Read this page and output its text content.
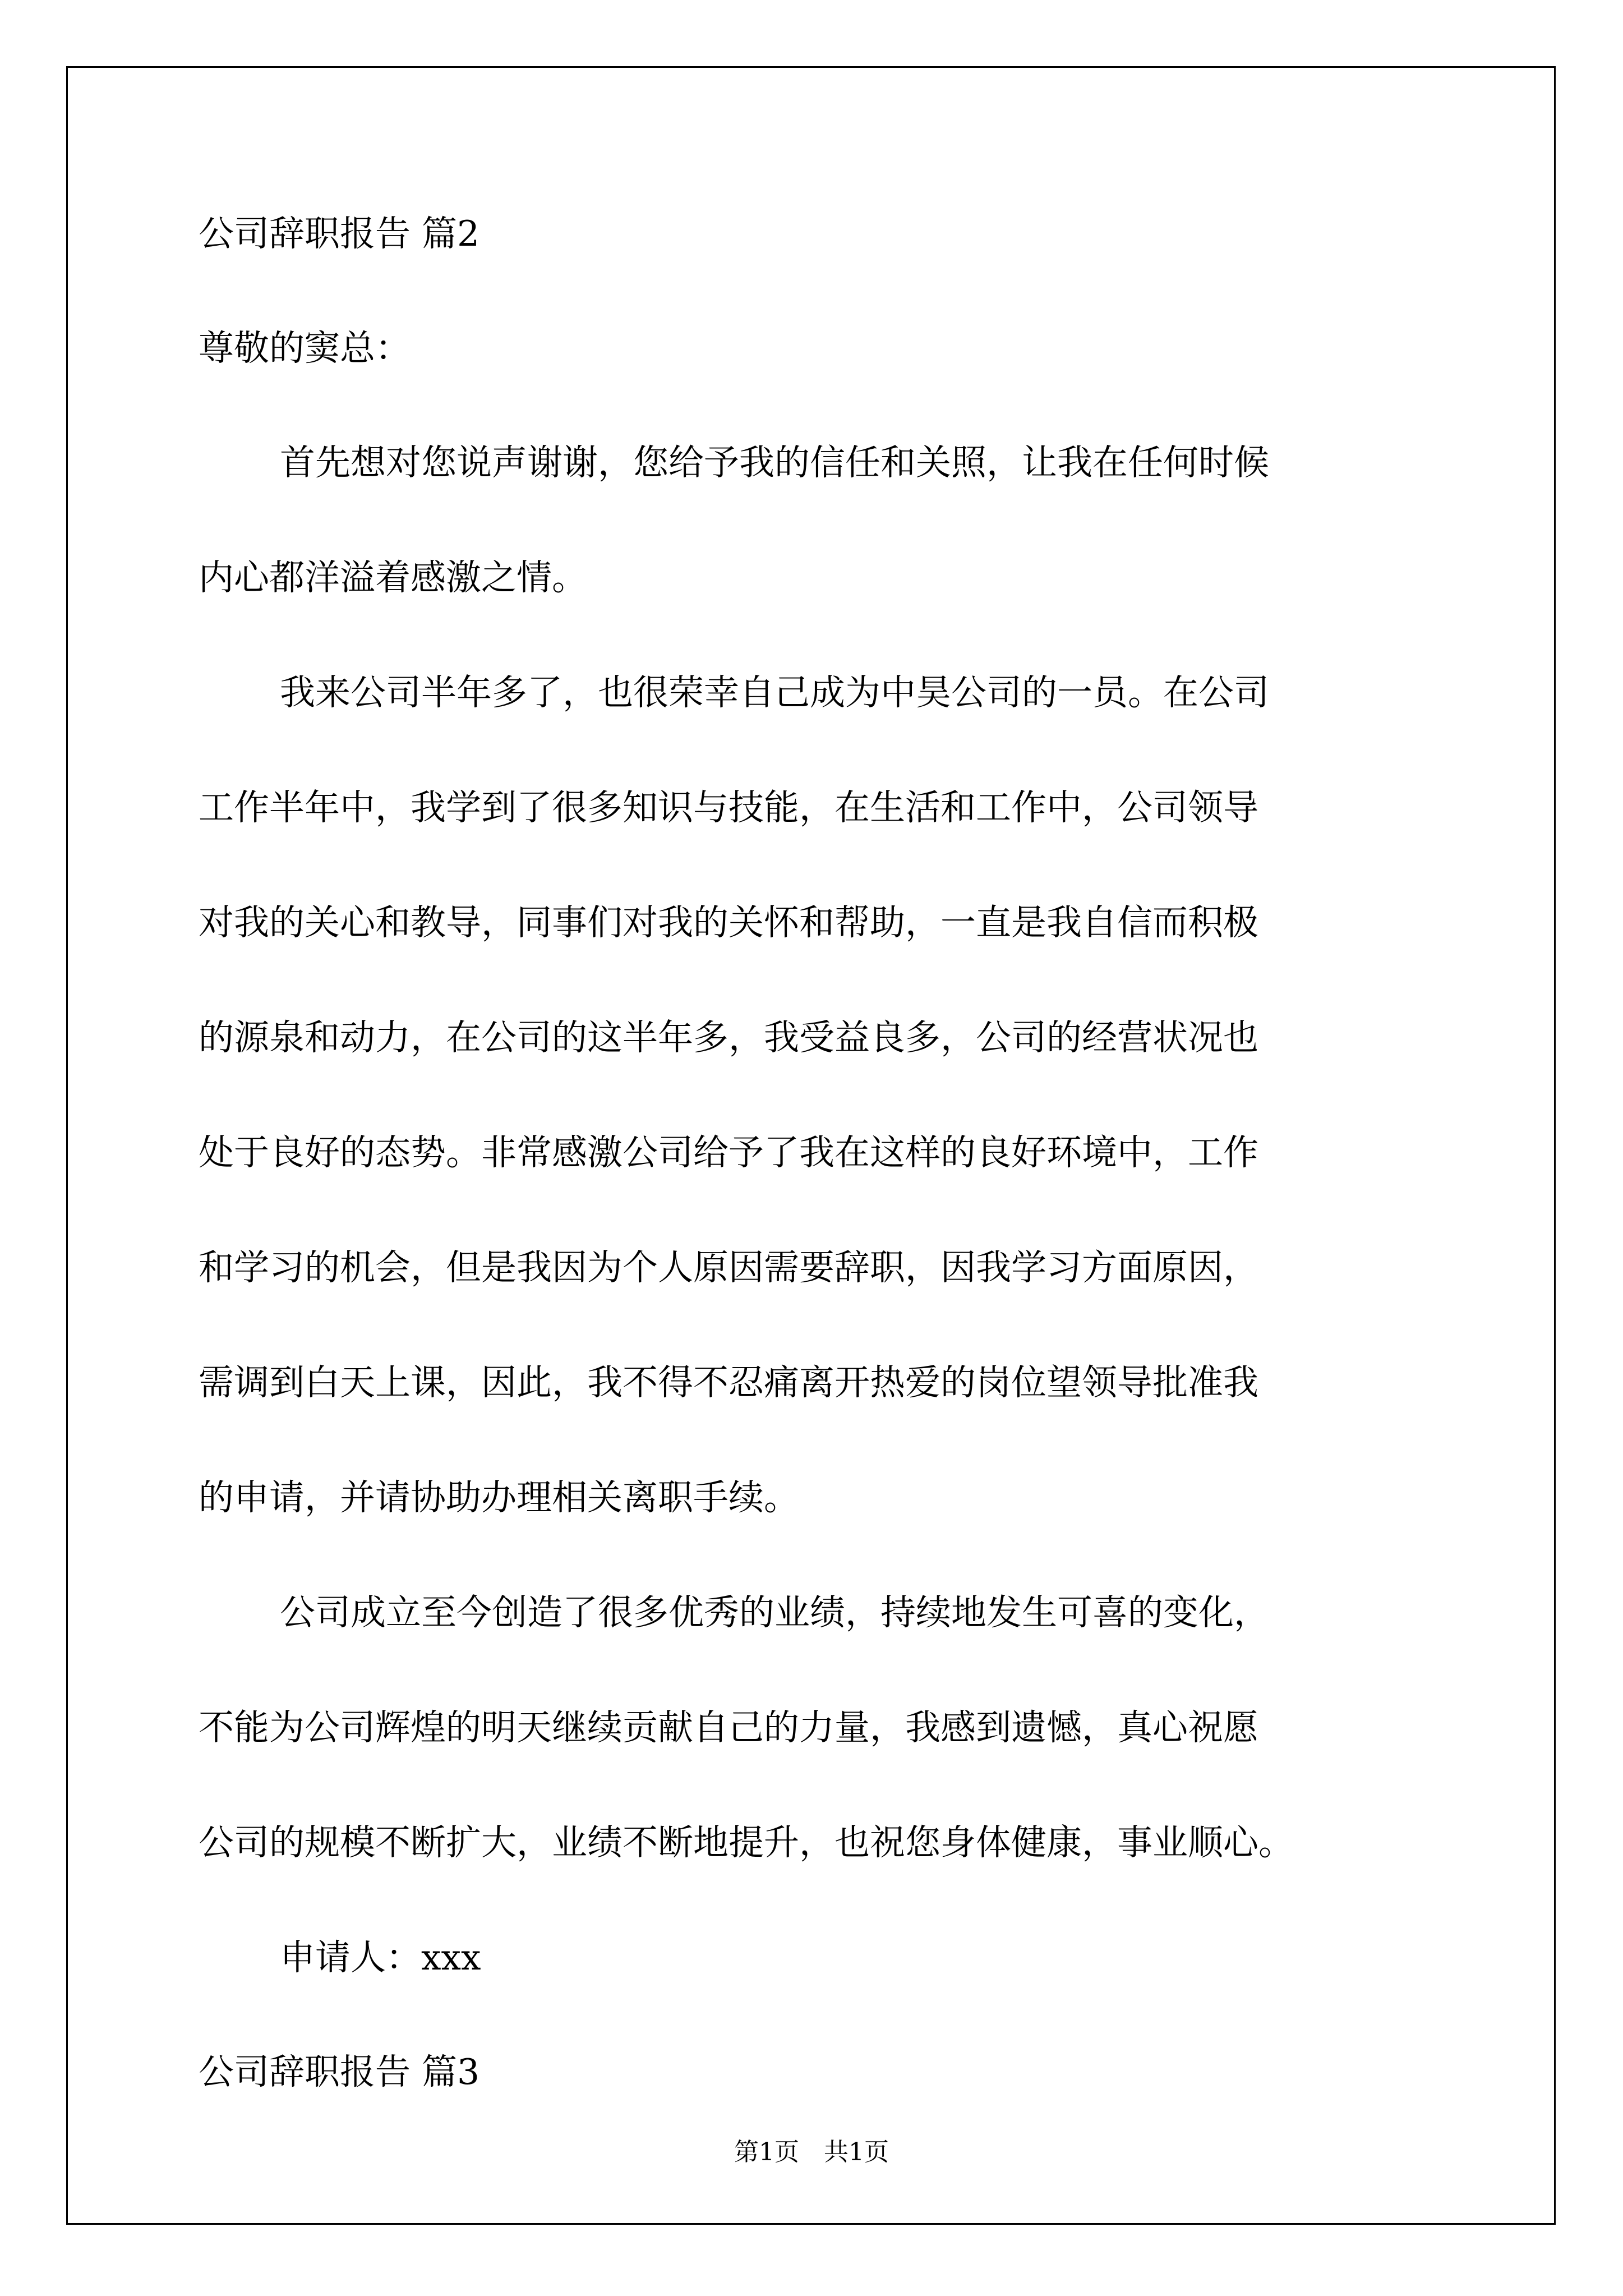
公司辞职报告 篇2
尊敬的窦总：
首先想对您说声谢谢，您给予我的信任和关照，让我在任何时候
内心都洋溢着感激之情。
我来公司半年多了，也很荣幸自己成为中昊公司的一员。在公司
工作半年中，我学到了很多知识与技能，在生活和工作中，公司领导
对我的关心和教导，同事们对我的关怀和帮助，一直是我自信而积极
的源泉和动力，在公司的这半年多，我受益良多，公司的经营状况也
处于良好的态势。非常感激公司给予了我在这样的良好环境中，工作
和学习的机会，但是我因为个人原因需要辞职，因我学习方面原因，
需调到白天上课，因此，我不得不忍痛离开热爱的岗位望领导批准我
的申请，并请协助办理相关离职手续。
公司成立至今创造了很多优秀的业绩，持续地发生可喜的变化，
不能为公司辉煌的明天继续贡献自己的力量，我感到遗憾，真心祝愿
公司的规模不断扩大，业绩不断地提升，也祝您身体健康，事业顺心。
申请人：xxx
公司辞职报告 篇3
第1页　共1页
